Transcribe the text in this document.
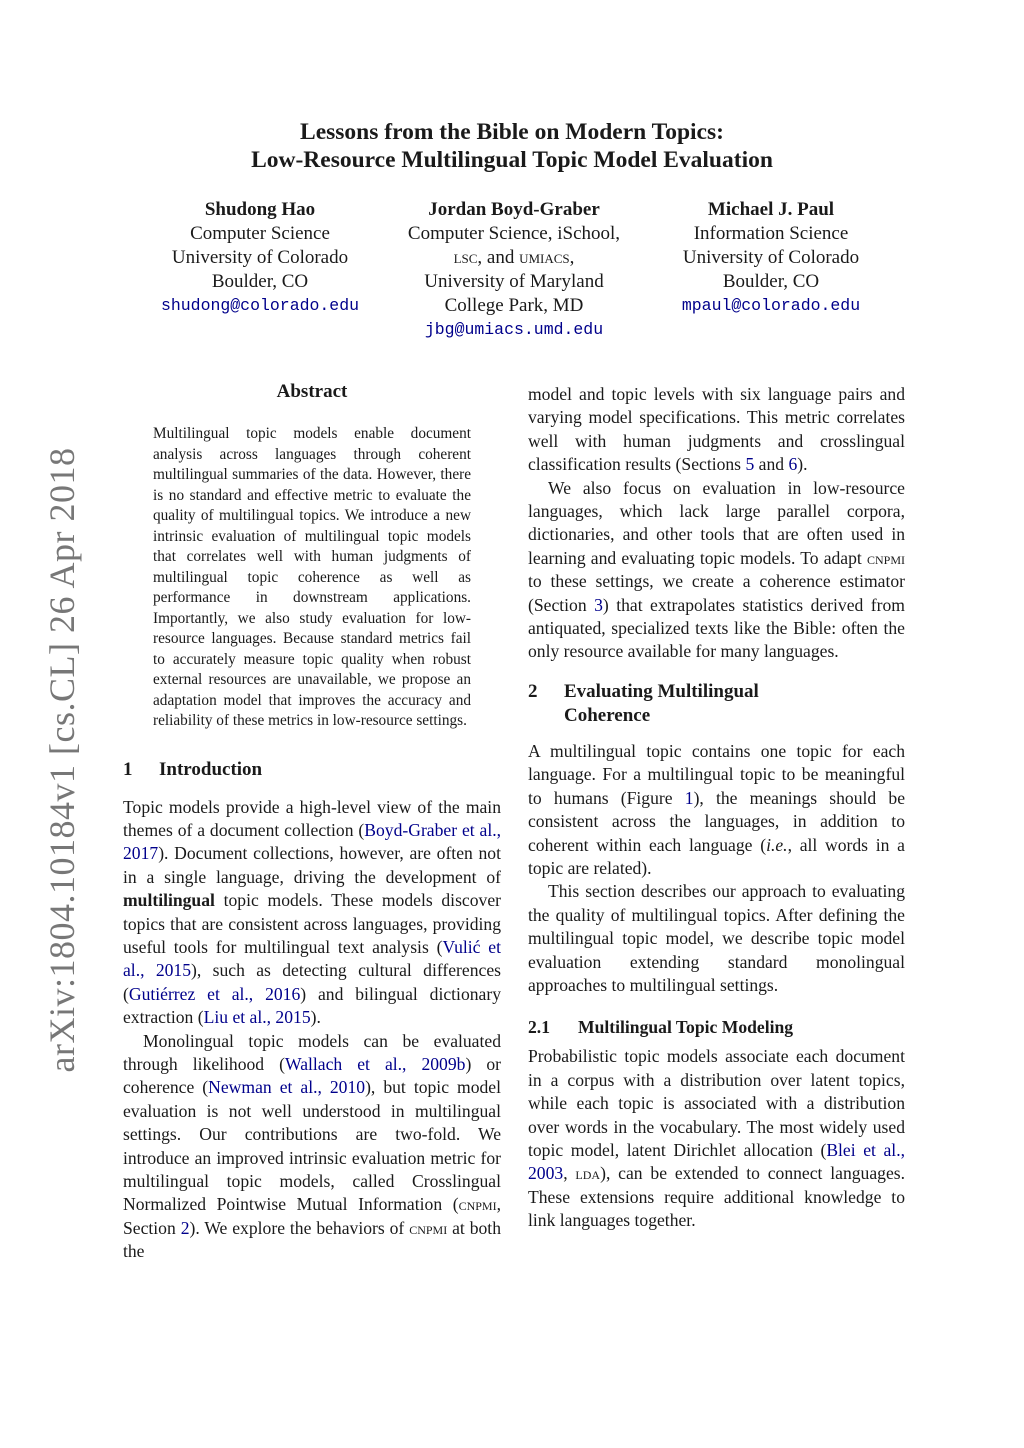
arXiv:1804.10184v1 [cs.CL] 26 Apr 2018
Lessons from the Bible on Modern Topics:
Low-Resource Multilingual Topic Model Evaluation
Shudong Hao
Computer Science
University of Colorado
Boulder, CO
shudong@colorado.edu
Jordan Boyd-Graber
Computer Science, iSchool,
lsc, and umiacs,
University of Maryland
College Park, MD
jbg@umiacs.umd.edu
Michael J. Paul
Information Science
University of Colorado
Boulder, CO
mpaul@colorado.edu
Abstract

Multilingual topic models enable document analysis across languages through coherent multilingual summaries of the data. However, there is no standard and effective metric to evaluate the quality of multilingual topics. We introduce a new intrinsic evaluation of multilingual topic models that correlates well with human judgments of multilingual topic coherence as well as performance in downstream applications. Importantly, we also study evaluation for low-resource languages. Because standard metrics fail to accurately measure topic quality when robust external resources are unavailable, we propose an adaptation model that improves the accuracy and reliability of these metrics in low-resource settings.

1	Introduction

Topic models provide a high-level view of the main themes of a document collection (Boyd-Graber et al., 2017). Document collections, however, are often not in a single language, driving the development of multilingual topic models. These models discover topics that are consistent across languages, providing useful tools for multilingual text analysis (Vulić et al., 2015), such as detecting cultural differences (Gutiérrez et al., 2016) and bilingual dictionary extraction (Liu et al., 2015).

Monolingual topic models can be evaluated through likelihood (Wallach et al., 2009b) or coherence (Newman et al., 2010), but topic model evaluation is not well understood in multilingual settings. Our contributions are two-fold. We introduce an improved intrinsic evaluation metric for multilingual topic models, called Crosslingual Normalized Pointwise Mutual Information (cnpmi, Section 2). We explore the behaviors of cnpmi at both the

model and topic levels with six language pairs and varying model specifications. This metric correlates well with human judgments and crosslingual classification results (Sections 5 and 6).

We also focus on evaluation in low-resource languages, which lack large parallel corpora, dictionaries, and other tools that are often used in learning and evaluating topic models. To adapt cnpmi to these settings, we create a coherence estimator (Section 3) that extrapolates statistics derived from antiquated, specialized texts like the Bible: often the only resource available for many languages.

2	Evaluating Multilingual
Coherence

A multilingual topic contains one topic for each language. For a multilingual topic to be meaningful to humans (Figure 1), the meanings should be consistent across the languages, in addition to coherent within each language (i.e., all words in a topic are related).

This section describes our approach to evaluating the quality of multilingual topics. After defining the multilingual topic model, we describe topic model evaluation extending standard monolingual approaches to multilingual settings.

2.1	Multilingual Topic Modeling

Probabilistic topic models associate each document in a corpus with a distribution over latent topics, while each topic is associated with a distribution over words in the vocabulary. The most widely used topic model, latent Dirichlet allocation (Blei et al., 2003, lda), can be extended to connect languages. These extensions require additional knowledge to link languages together.
